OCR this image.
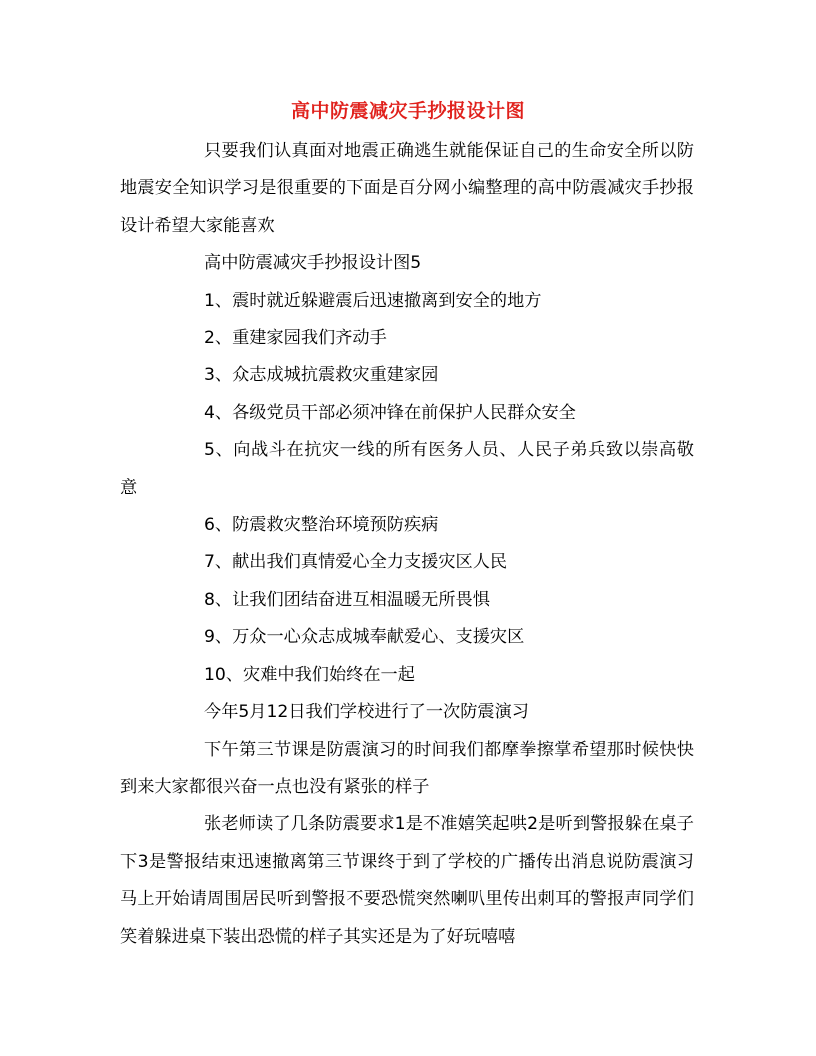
高中防震减灾手抄报设计图

只要我们认真面对地震正确逃生就能保证自己的生命安全所以防地震安全知识学习是很重要的下面是百分网小编整理的高中防震减灾手抄报设计希望大家能喜欢

高中防震减灾手抄报设计图5

1、震时就近躲避震后迅速撤离到安全的地方

2、重建家园我们齐动手

3、众志成城抗震救灾重建家园

4、各级党员干部必须冲锋在前保护人民群众安全

5、向战斗在抗灾一线的所有医务人员、人民子弟兵致以崇高敬意

6、防震救灾整治环境预防疾病

7、献出我们真情爱心全力支援灾区人民

8、让我们团结奋进互相温暖无所畏惧

9、万众一心众志成城奉献爱心、支援灾区

10、灾难中我们始终在一起

今年5月12日我们学校进行了一次防震演习

下午第三节课是防震演习的时间我们都摩拳擦掌希望那时候快快到来大家都很兴奋一点也没有紧张的样子

张老师读了几条防震要求1是不准嬉笑起哄2是听到警报躲在桌子下3是警报结束迅速撤离第三节课终于到了学校的广播传出消息说防震演习马上开始请周围居民听到警报不要恐慌突然喇叭里传出刺耳的警报声同学们笑着躲进桌下装出恐慌的样子其实还是为了好玩嘻嘻
